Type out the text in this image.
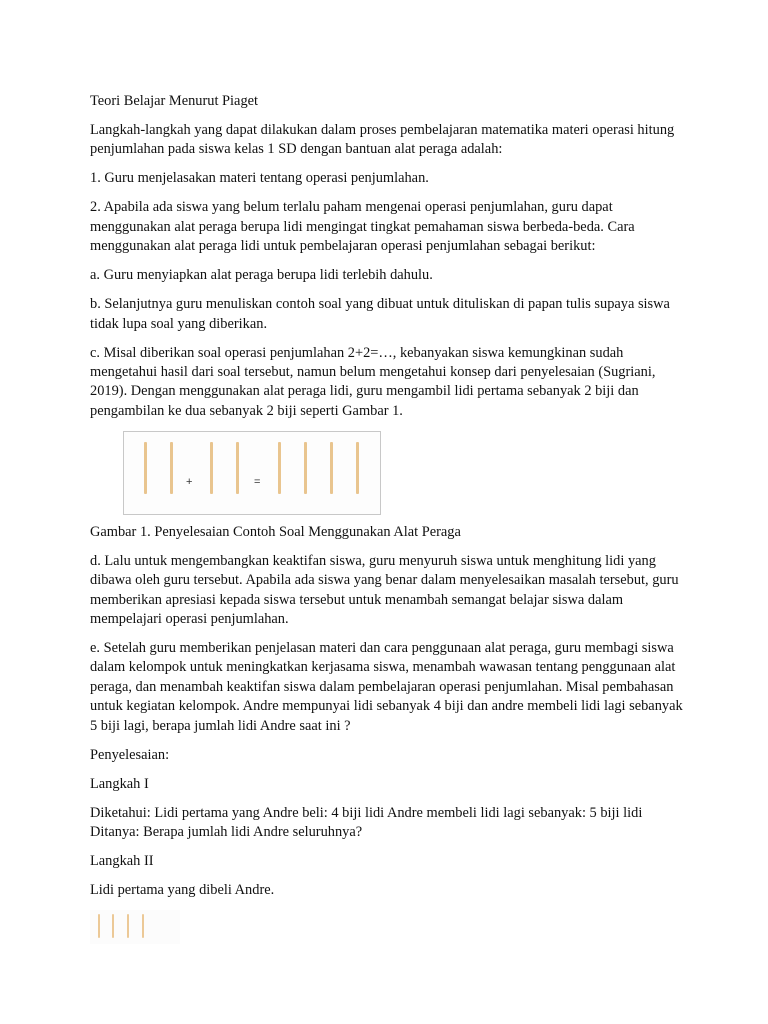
Teori Belajar Menurut Piaget

Langkah-langkah yang dapat dilakukan dalam proses pembelajaran matematika materi operasi hitung penjumlahan pada siswa kelas 1 SD dengan bantuan alat peraga adalah:

1. Guru menjelasakan materi tentang operasi penjumlahan.

2. Apabila ada siswa yang belum terlalu paham mengenai operasi penjumlahan, guru dapat menggunakan alat peraga berupa lidi mengingat tingkat pemahaman siswa berbeda-beda. Cara menggunakan alat peraga lidi untuk pembelajaran operasi penjumlahan sebagai berikut:

a. Guru menyiapkan alat peraga berupa lidi terlebih dahulu.

b. Selanjutnya guru menuliskan contoh soal yang dibuat untuk dituliskan di papan tulis supaya siswa tidak lupa soal yang diberikan.

c. Misal diberikan soal operasi penjumlahan 2+2=…, kebanyakan siswa kemungkinan sudah mengetahui hasil dari soal tersebut, namun belum mengetahui konsep dari penyelesaian (Sugriani, 2019). Dengan menggunakan alat peraga lidi, guru mengambil lidi pertama sebanyak 2 biji dan pengambilan ke dua sebanyak 2 biji seperti Gambar 1.

+	=

Gambar 1. Penyelesaian Contoh Soal Menggunakan Alat Peraga

d. Lalu untuk mengembangkan keaktifan siswa, guru menyuruh siswa untuk menghitung lidi yang dibawa oleh guru tersebut. Apabila ada siswa yang benar dalam menyelesaikan masalah tersebut, guru memberikan apresiasi kepada siswa tersebut untuk menambah semangat belajar siswa dalam mempelajari operasi penjumlahan.

e. Setelah guru memberikan penjelasan materi dan cara penggunaan alat peraga, guru membagi siswa dalam kelompok untuk meningkatkan kerjasama siswa, menambah wawasan tentang penggunaan alat peraga, dan menambah keaktifan siswa dalam pembelajaran operasi penjumlahan. Misal pembahasan untuk kegiatan kelompok. Andre mempunyai lidi sebanyak 4 biji dan andre membeli lidi lagi sebanyak 5 biji lagi, berapa jumlah lidi Andre saat ini ?

Penyelesaian:

Langkah I

Diketahui: Lidi pertama yang Andre beli: 4 biji lidi Andre membeli lidi lagi sebanyak: 5 biji lidi Ditanya: Berapa jumlah lidi Andre seluruhnya?

Langkah II

Lidi pertama yang dibeli Andre.
